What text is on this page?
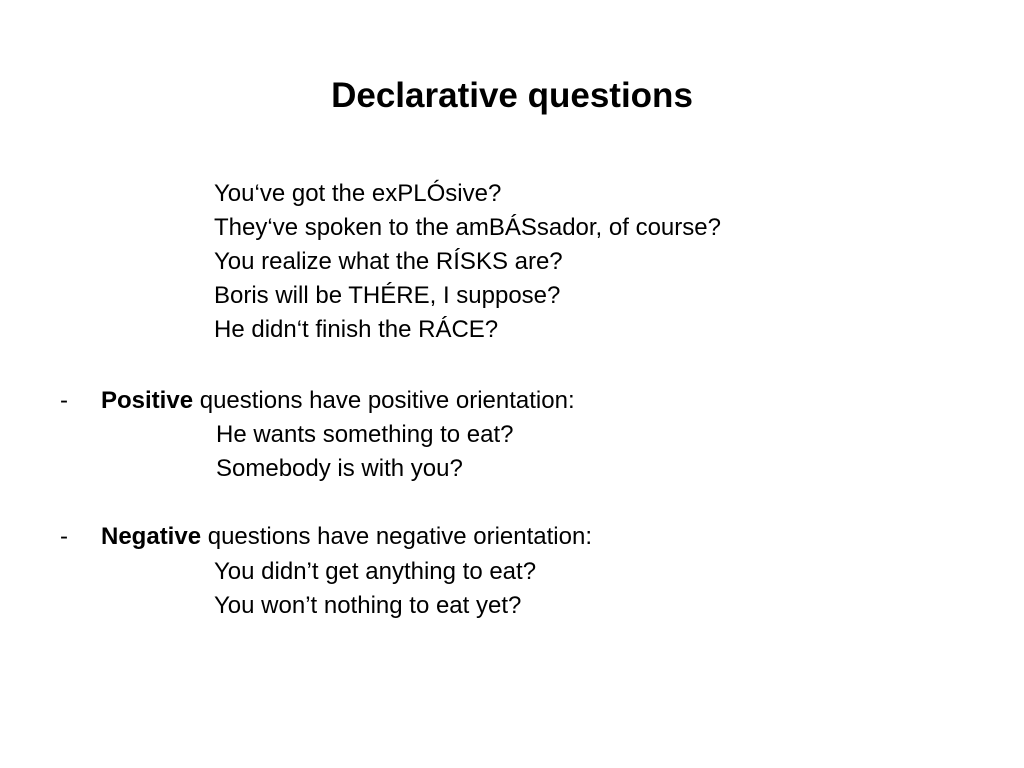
Declarative questions
You‘ve got the exPLÓsive?
They‘ve spoken to the amBÁSsador, of course?
You realize what the RÍSKS are?
Boris will be THÉRE, I suppose?
He didn‘t finish the RÁCE?
- Positive questions have positive orientation:
He wants something to eat?
Somebody is with you?
- Negative questions have negative orientation:
You didn’t get anything to eat?
You won’t nothing to eat yet?
